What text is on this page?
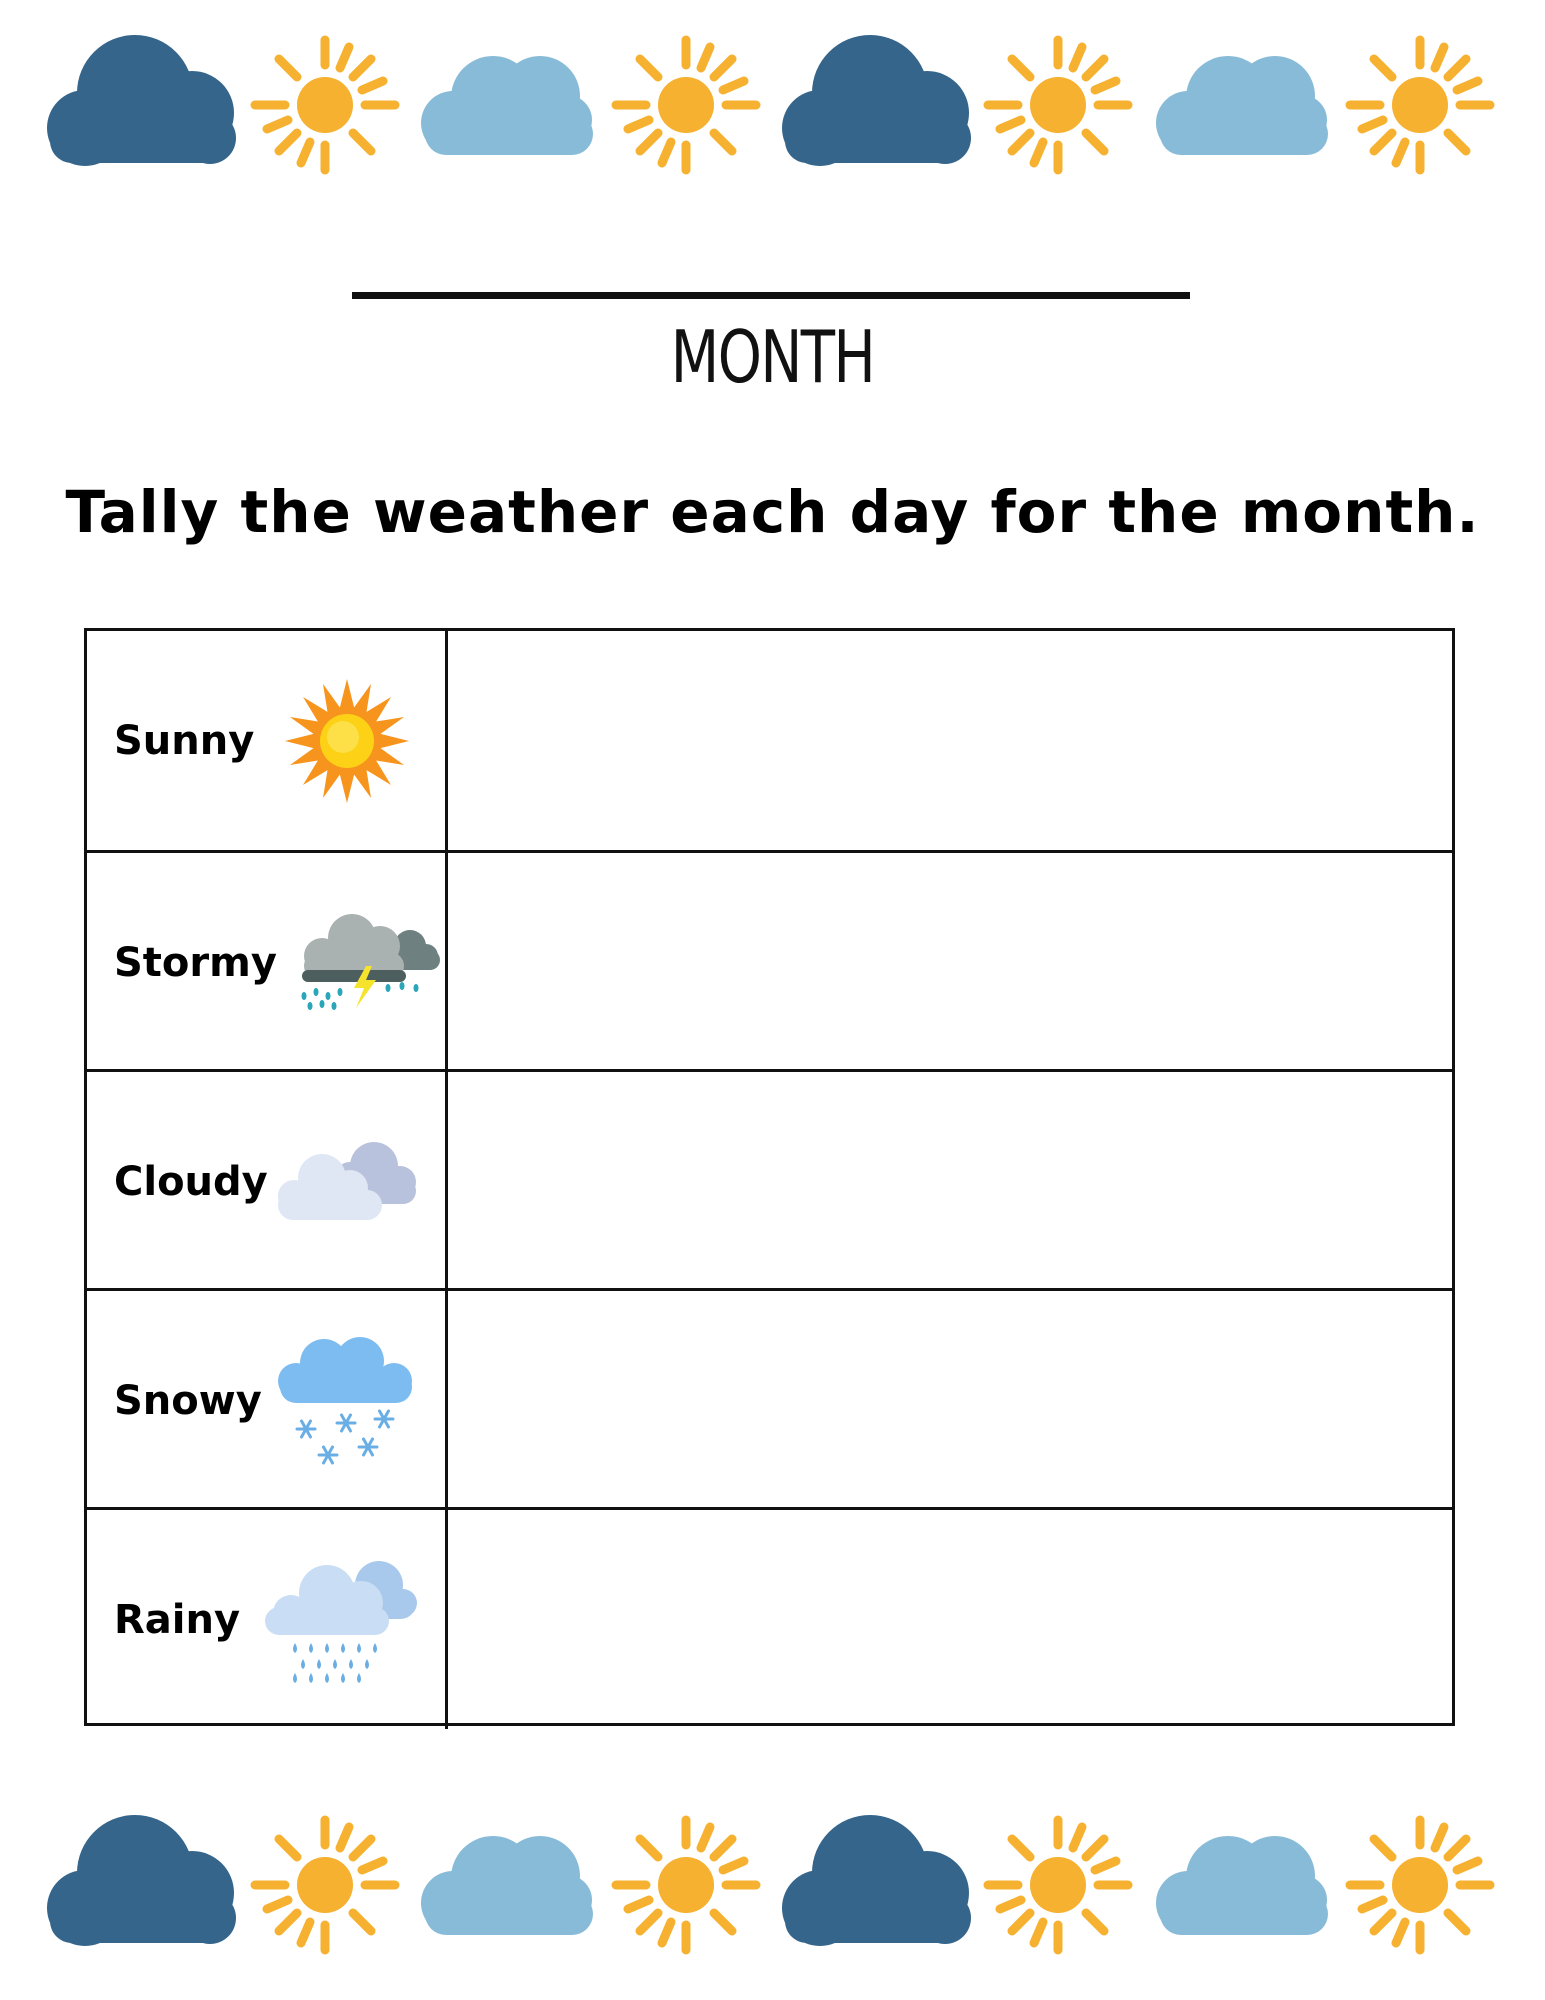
MONTH
Tally the weather each day for the month.
Sunny
Stormy
Cloudy
Snowy
Rainy
